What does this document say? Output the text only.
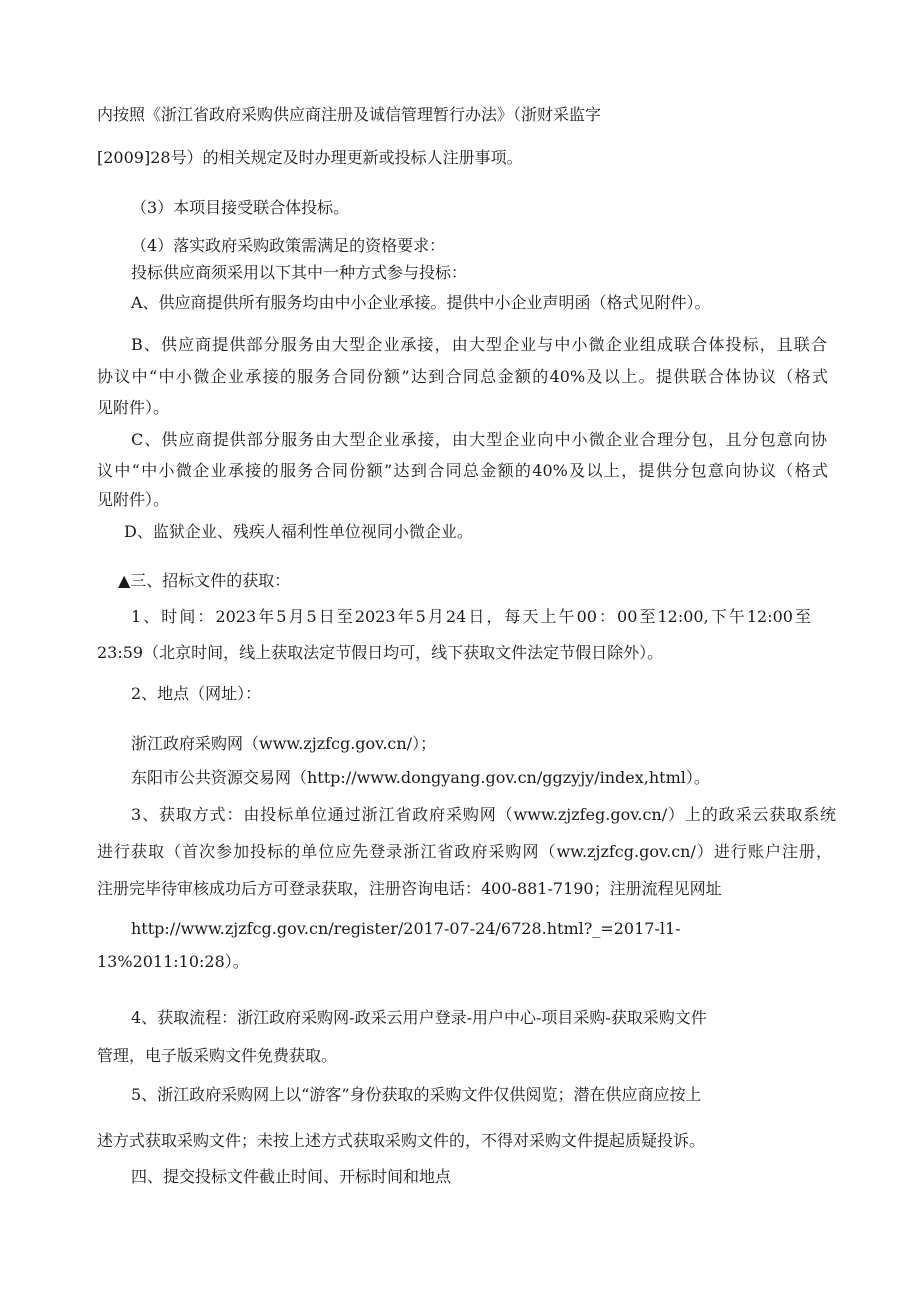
内按照《浙江省政府采购供应商注册及诚信管理暂行办法》（浙财采监字
[2009]28号）的相关规定及时办理更新或投标人注册事项。
（3）本项目接受联合体投标。
（4）落实政府采购政策需满足的资格要求：
投标供应商须采用以下其中一种方式参与投标：
A、供应商提供所有服务均由中小企业承接。提供中小企业声明函（格式见附件）。
B、供应商提供部分服务由大型企业承接，由大型企业与中小微企业组成联合体投标，且联合
协议中“中小微企业承接的服务合同份额”达到合同总金额的40%及以上。提供联合体协议（格式
见附件）。
C、供应商提供部分服务由大型企业承接，由大型企业向中小微企业合理分包，且分包意向协
议中“中小微企业承接的服务合同份额”达到合同总金额的40%及以上，提供分包意向协议（格式
见附件）。
D、监狱企业、残疾人福利性单位视同小微企业。
▲三、招标文件的获取：
1、时间：2023年5月5日至2023年5月24日，每天上午00：00至12:00,下午12:00至
23:59（北京时间，线上获取法定节假日均可，线下获取文件法定节假日除外）。
2、地点（网址）：
浙江政府采购网（www.zjzfcg.gov.cn/）；
东阳市公共资源交易网（http://www.dongyang.gov.cn/ggzyjy/index,html）。
3、获取方式：由投标单位通过浙江省政府采购网（www.zjzfeg.gov.cn/）上的政采云获取系统
进行获取（首次参加投标的单位应先登录浙江省政府采购网（ww.zjzfcg.gov.cn/）进行账户注册，
注册完毕待审核成功后方可登录获取，注册咨询电话：400-881-7190；注册流程见网址
http://www.zjzfcg.gov.cn/register/2017-07-24/6728.html?_=2017-l1-
13%2011:10:28）。
4、获取流程：浙江政府采购网-政采云用户登录-用户中心-项目采购-获取采购文件
管理，电子版采购文件免费获取。
5、浙江政府采购网上以“游客”身份获取的采购文件仅供阅览；潜在供应商应按上
述方式获取采购文件；未按上述方式获取采购文件的，不得对采购文件提起质疑投诉。
四、提交投标文件截止时间、开标时间和地点
